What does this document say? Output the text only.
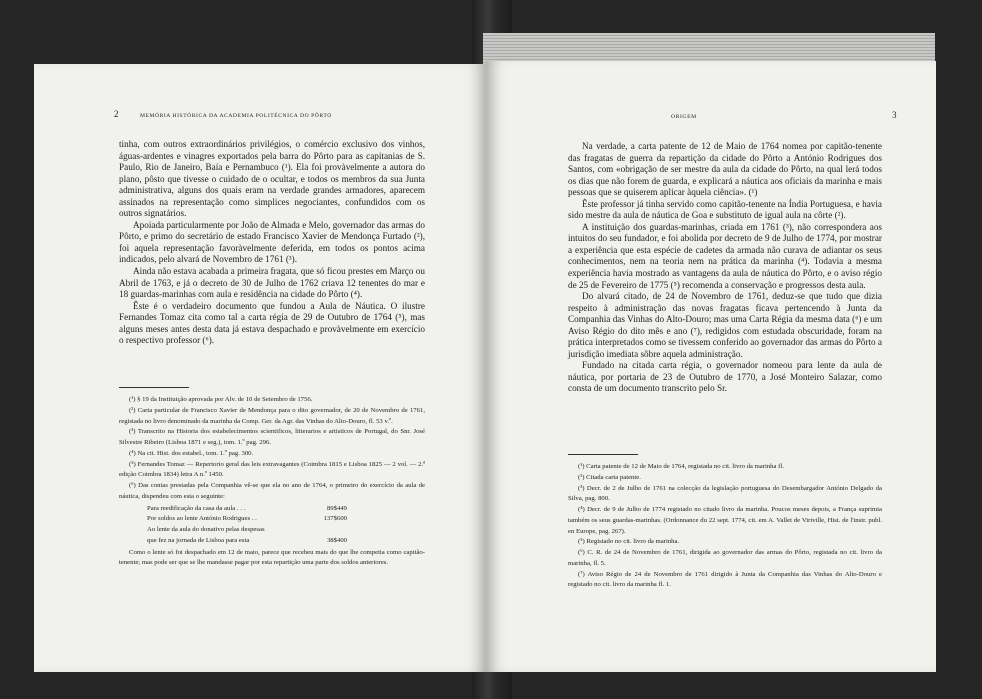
2	MEMÓRIA HISTÓRICA DA ACADEMIA POLITÉCNICA DO PÔRTO

tinha, com outros extraordinários privilégios, o comércio exclusivo dos vinhos, águas-ardentes e vinagres exportados pela barra do Pôrto para as capitanias de S. Paulo, Rio de Janeiro, Baía e Pernambuco (¹). Ela foi provàvelmente a autora do plano, pôsto que tivesse o cuidado de o ocultar, e todos os membros da sua Junta administrativa, alguns dos quais eram na verdade grandes armadores, aparecem assinados na representação como simplices negociantes, confundidos com os outros signatários.

Apoiada particularmente por João de Almada e Melo, governador das armas do Pôrto, e primo do secretário de estado Francisco Xavier de Mendonça Furtado (²), foi aquela representação favoràvelmente deferida, em todos os pontos acima indicados, pelo alvará de Novembro de 1761 (³).

Ainda não estava acabada a primeira fragata, que só ficou prestes em Março ou Abril de 1763, e já o decreto de 30 de Julho de 1762 criava 12 tenentes do mar e 18 guardas-marinhas com aula e residência na cidade do Pôrto (⁴).

Êste é o verdadeiro documento que fundou a Aula de Náutica. O ilustre Fernandes Tomaz cita como tal a carta régia de 29 de Outubro de 1764 (⁵), mas alguns meses antes desta data já estava despachado e provàvelmente em exercício o respectivo professor (⁶).

(¹) § 19 da Instituição aprovada por Alv. de 10 de Setembro de 1756.

(²) Carta particular de Francisco Xavier de Mendonça para o dito governador, de 20 de Novembro de 1761, registada no livro denominado da marinha da Comp. Ger. da Agr. das Vinhas do Alto-Douro, fl. 53 v.º.

(³) Transcrito na Historia dos estabelecimentos scientificos, litterarios e artisticos de Portugal, do Snr. José Silvestre Ribeiro (Lisboa 1871 e seg.), tom. 1.º pag. 296.

(⁴) Na cit. Hist. dos estabel., tom. 1.º pag. 300.

(⁵) Fernandes Tomaz — Repertorio geral das leis extravagantes (Coimbra 1815 e Lisboa 1825 — 2 vol. — 2.ª edição Coimbra 1834) letra A n.º 1450.

(⁶) Das contas prestadas pela Companhia vê-se que ela no ano de 1764, o primeiro do exercício da aula de náutica, dispendeu com esta o seguinte:

Para reedificação da casa da aula . . .	89$449
Por soldos ao lente António Rodrigues . .	137$600
Ao lente da aula do donativo pelas despesas
que fez na jornada de Lisboa para esta	38$400

Como o lente só foi despachado em 12 de maio, parece que recebeu mais do que lhe competia como capitão-tenente; mas pode ser que se lhe mandasse pagar por esta repartição uma parte dos soldos anteriores.

ORIGEM	3

Na verdade, a carta patente de 12 de Maio de 1764 nomea por capitão-tenente das fragatas de guerra da repartição da cidade do Pôrto a António Rodrigues dos Santos, com «obrigação de ser mestre da aula da cidade do Pôrto, na qual lerá todos os dias que não forem de guarda, e explicará a náutica aos oficiais da marinha e mais pessoas que se quiserem aplicar àquela ciência». (¹)

Êste professor já tinha servido como capitão-tenente na Índia Portuguesa, e havia sido mestre da aula de náutica de Goa e substituto de igual aula na côrte (²).

A instituição dos guardas-marinhas, criada em 1761 (³), não correspondera aos intuitos do seu fundador, e foi abolida por decreto de 9 de Julho de 1774, por mostrar a experiência que esta espécie de cadetes da armada não curava de adiantar os seus conhecimentos, nem na teoria nem na prática da marinha (⁴). Todavia a mesma experiência havia mostrado as vantagens da aula de náutica do Pôrto, e o aviso régio de 25 de Fevereiro de 1775 (⁵) recomenda a conservação e progressos desta aula.

Do alvará citado, de 24 de Novembro de 1761, deduz-se que tudo que dizia respeito à administração das novas fragatas ficava pertencendo à Junta da Companhia das Vinhas do Alto-Douro; mas uma Carta Régia da mesma data (⁶) e um Aviso Régio do dito mês e ano (⁷), redigidos com estudada obscuridade, foram na prática interpretados como se tivessem conferido ao governador das armas do Pôrto a jurisdição imediata sôbre aquela administração.

Fundado na citada carta régia, o governador nomeou para lente da aula de náutica, por portaria de 23 de Outubro de 1770, a José Monteiro Salazar, como consta de um documento transcrito pelo Sr.

(¹) Carta patente de 12 de Maio de 1764, registada no cit. livro da marinha fl.

(²) Citada carta patente.

(³) Decr. de 2 de Julho de 1761 na colecção da legislação portuguesa do Desembargador António Delgado da Silva, pag. 800.

(⁴) Decr. de 9 de Julho de 1774 registado no citado livro da marinha. Poucos meses depois, a França suprimia também os seus guardas-marinhas. (Ordonnance du 22 sept. 1774, cit. em A. Vallet de Viriville, Hist. de l'instr. publ. en Europe, pag. 267).

(⁵) Registado no cit. livro da marinha.

(⁶) C. R. de 24 de Novembro de 1761, dirigida ao governador das armas do Pôrto, registada no cit. livro da marinha, fl. 5.

(⁷) Aviso Régio de 24 de Novembro de 1761 dirigido à Junta da Companhia das Vinhas do Alto-Douro e registado no cit. livro da marinha fl. 1.
